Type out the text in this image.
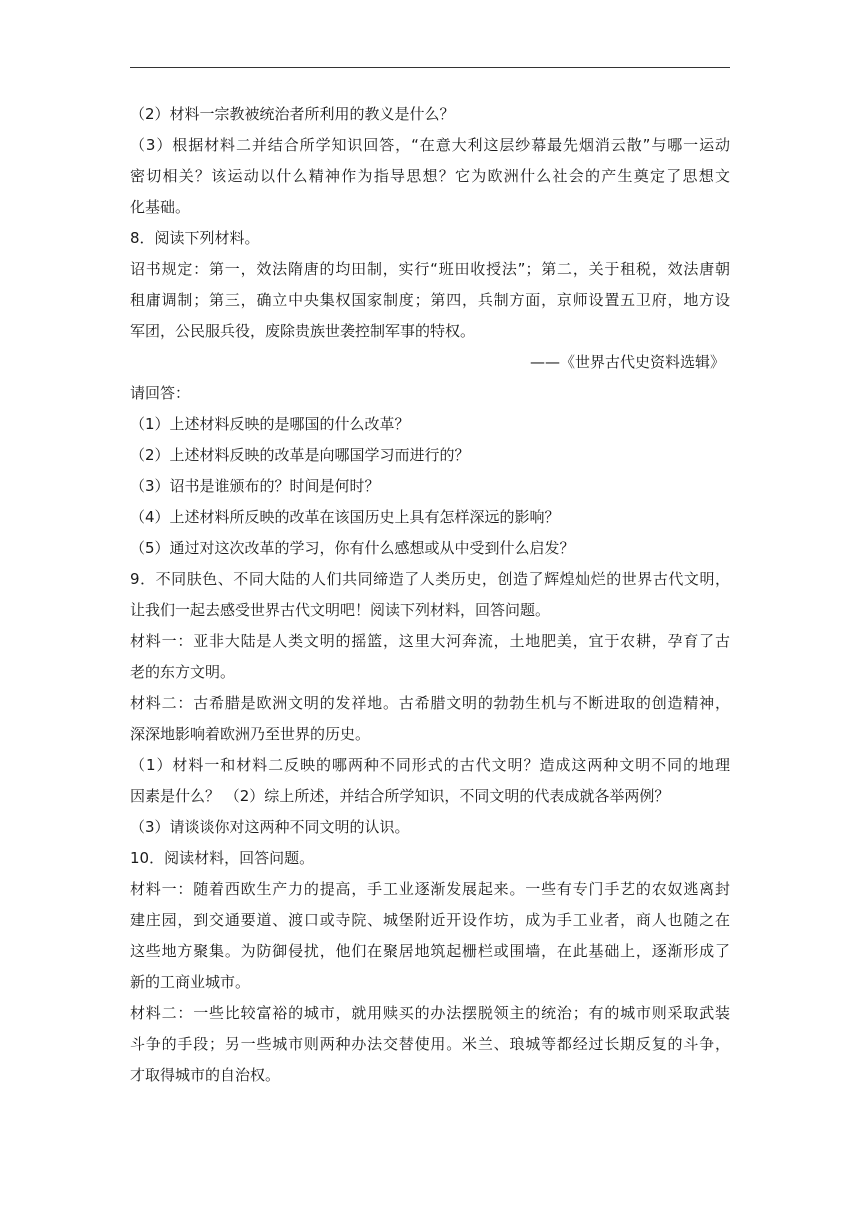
（2）材料一宗教被统治者所利用的教义是什么？
（3）根据材料二并结合所学知识回答，“在意大利这层纱幕最先烟消云散”与哪一运动
密切相关？该运动以什么精神作为指导思想？它为欧洲什么社会的产生奠定了思想文
化基础。
8．阅读下列材料。
诏书规定：第一，效法隋唐的均田制，实行“班田收授法”；第二，关于租税，效法唐朝
租庸调制；第三，确立中央集权国家制度；第四，兵制方面，京师设置五卫府，地方设
军团，公民服兵役，废除贵族世袭控制军事的特权。
——《世界古代史资料选辑》
请回答：
（1）上述材料反映的是哪国的什么改革？
（2）上述材料反映的改革是向哪国学习而进行的？
（3）诏书是谁颁布的？时间是何时？
（4）上述材料所反映的改革在该国历史上具有怎样深远的影响？
（5）通过对这次改革的学习，你有什么感想或从中受到什么启发？
9．不同肤色、不同大陆的人们共同缔造了人类历史，创造了辉煌灿烂的世界古代文明，
让我们一起去感受世界古代文明吧！阅读下列材料，回答问题。
材料一：亚非大陆是人类文明的摇篮，这里大河奔流，土地肥美，宜于农耕，孕育了古
老的东方文明。
材料二：古希腊是欧洲文明的发祥地。古希腊文明的勃勃生机与不断进取的创造精神，
深深地影响着欧洲乃至世界的历史。
（1）材料一和材料二反映的哪两种不同形式的古代文明？造成这两种文明不同的地理
因素是什么？ （2）综上所述，并结合所学知识，不同文明的代表成就各举两例？
（3）请谈谈你对这两种不同文明的认识。
10．阅读材料，回答问题。
材料一：随着西欧生产力的提高，手工业逐渐发展起来。一些有专门手艺的农奴逃离封
建庄园，到交通要道、渡口或寺院、城堡附近开设作坊，成为手工业者，商人也随之在
这些地方聚集。为防御侵扰，他们在聚居地筑起栅栏或围墙，在此基础上，逐渐形成了
新的工商业城市。
材料二：一些比较富裕的城市，就用赎买的办法摆脱领主的统治；有的城市则采取武装
斗争的手段；另一些城市则两种办法交替使用。米兰、琅城等都经过长期反复的斗争，
才取得城市的自治权。
